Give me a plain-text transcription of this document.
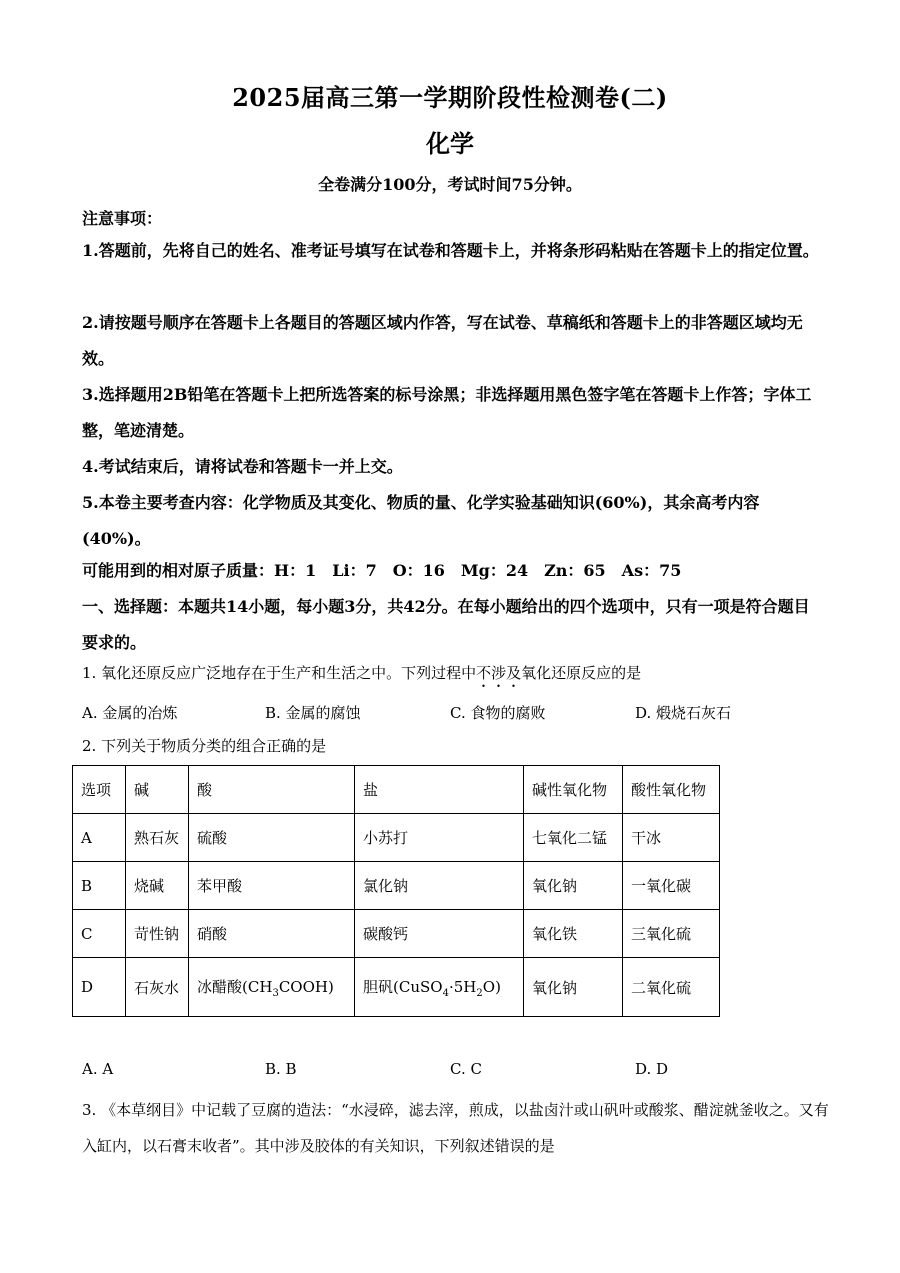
2025届高三第一学期阶段性检测卷(二)
化学
全卷满分100分，考试时间75分钟。
注意事项：
1.答题前，先将自己的姓名、准考证号填写在试卷和答题卡上，并将条形码粘贴在答题卡上的指定位置。
2.请按题号顺序在答题卡上各题目的答题区域内作答，写在试卷、草稿纸和答题卡上的非答题区域均无效。
3.选择题用2B铅笔在答题卡上把所选答案的标号涂黑；非选择题用黑色签字笔在答题卡上作答；字体工整，笔迹清楚。
4.考试结束后，请将试卷和答题卡一并上交。
5.本卷主要考查内容：化学物质及其变化、物质的量、化学实验基础知识(60%)，其余高考内容(40%)。
可能用到的相对原子质量：H：1　Li：7　O：16　Mg：24　Zn：65　As：75
一、选择题：本题共14小题，每小题3分，共42分。在每小题给出的四个选项中，只有一项是符合题目要求的。
1. 氧化还原反应广泛地存在于生产和生活之中。下列过程中不涉及氧化还原反应的是
A. 金属的冶炼	B. 金属的腐蚀	C. 食物的腐败	D. 煅烧石灰石
2. 下列关于物质分类的组合正确的是
选项	碱	酸	盐	碱性氧化物	酸性氧化物
A	熟石灰	硫酸	小苏打	七氧化二锰	干冰
B	烧碱	苯甲酸	氯化钠	氧化钠	一氧化碳
C	苛性钠	硝酸	碳酸钙	氧化铁	三氧化硫
D	石灰水	冰醋酸$(CH_3COOH)$	胆矾$(CuSO_4\cdot 5H_2O)$	氧化钠	二氧化硫
A. A	B. B	C. C	D. D
3. 《本草纲目》中记载了豆腐的造法：“水浸碎，滤去滓，煎成，以盐卤汁或山矾叶或酸浆、醋淀就釜收之。又有入缸内，以石膏末收者”。其中涉及胶体的有关知识，下列叙述错误的是
